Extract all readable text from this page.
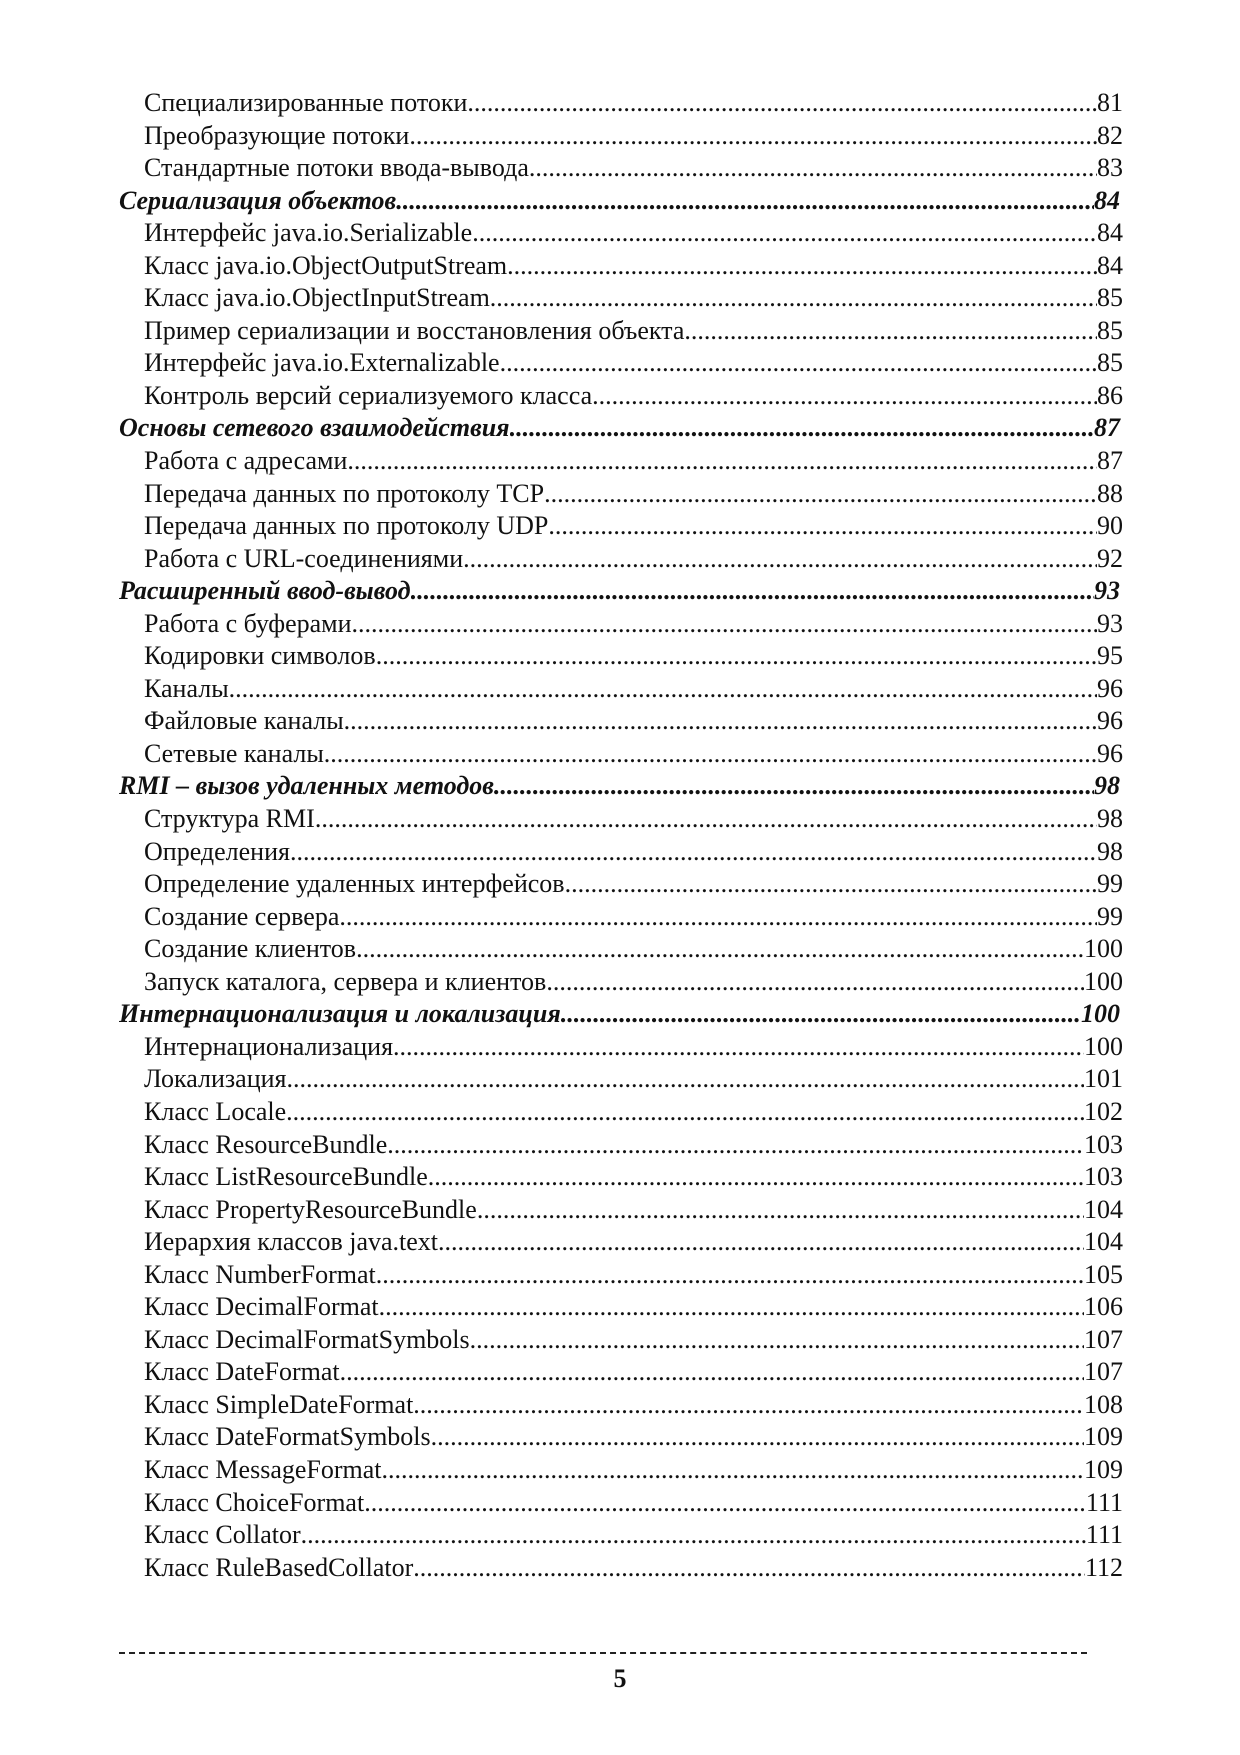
Специализированные потоки .....	81
Преобразующие потоки .....	82
Стандартные потоки ввода-вывода .....	83
Сериализация объектов .....	84
Интерфейс java.io.Serializable .....	84
Класс java.io.ObjectOutputStream .....	84
Класс java.io.ObjectInputStream .....	85
Пример сериализации и восстановления объекта .....	85
Интерфейс java.io.Externalizable .....	85
Контроль версий сериализуемого класса .....	86
Основы сетевого взаимодействия .....	87
Работа с адресами .....	87
Передача данных по протоколу TCP .....	88
Передача данных по протоколу UDP .....	90
Работа с URL-соединениями .....	92
Расширенный ввод-вывод .....	93
Работа с буферами .....	93
Кодировки символов .....	95
Каналы .....	96
Файловые каналы .....	96
Сетевые каналы .....	96
RMI – вызов удаленных методов .....	98
Структура RMI .....	98
Определения .....	98
Определение удаленных интерфейсов .....	99
Создание сервера .....	99
Создание клиентов .....	100
Запуск каталога, сервера и клиентов .....	100
Интернационализация и локализация .....	100
Интернационализация .....	100
Локализация .....	101
Класс Locale .....	102
Класс ResourceBundle .....	103
Класс ListResourceBundle .....	103
Класс PropertyResourceBundle .....	104
Иерархия классов java.text .....	104
Класс NumberFormat .....	105
Класс DecimalFormat .....	106
Класс DecimalFormatSymbols .....	107
Класс DateFormat .....	107
Класс SimpleDateFormat .....	108
Класс DateFormatSymbols .....	109
Класс MessageFormat .....	109
Класс ChoiceFormat .....	111
Класс Collator .....	111
Класс RuleBasedCollator .....	112
5
